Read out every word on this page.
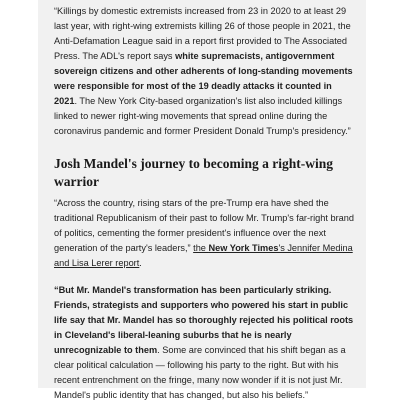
“Killings by domestic extremists increased from 23 in 2020 to at least 29 last year, with right-wing extremists killing 26 of those people in 2021, the Anti-Defamation League said in a report first provided to The Associated Press. The ADL's report says white supremacists, antigovernment sovereign citizens and other adherents of long-standing movements were responsible for most of the 19 deadly attacks it counted in 2021. The New York City-based organization's list also included killings linked to newer right-wing movements that spread online during the coronavirus pandemic and former President Donald Trump's presidency.”

Josh Mandel's journey to becoming a right-wing warrior

“Across the country, rising stars of the pre-Trump era have shed the traditional Republicanism of their past to follow Mr. Trump's far-right brand of politics, cementing the former president's influence over the next generation of the party's leaders,” the New York Times's Jennifer Medina and Lisa Lerer report.

“But Mr. Mandel's transformation has been particularly striking. Friends, strategists and supporters who powered his start in public life say that Mr. Mandel has so thoroughly rejected his political roots in Cleveland's liberal-leaning suburbs that he is nearly unrecognizable to them. Some are convinced that his shift began as a clear political calculation — following his party to the right. But with his recent entrenchment on the fringe, many now wonder if it is not just Mr. Mandel's public identity that has changed, but also his beliefs.”
